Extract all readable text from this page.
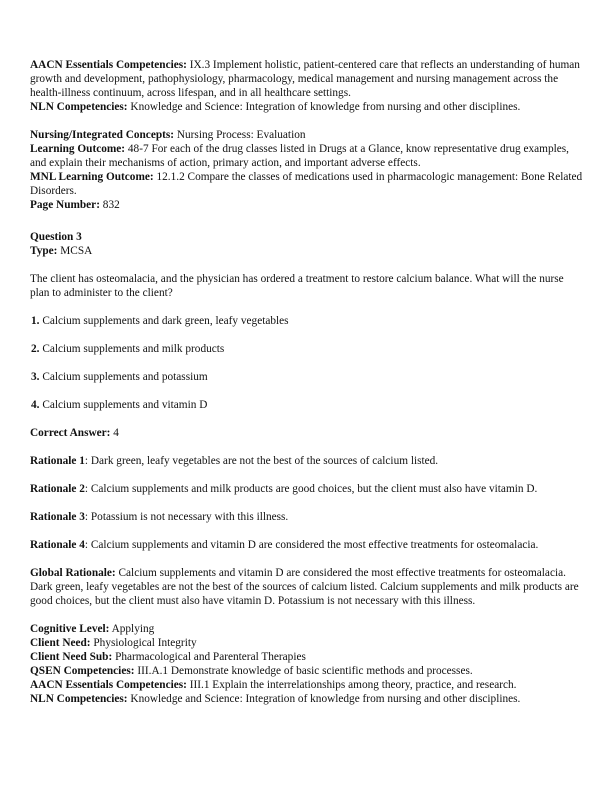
AACN Essentials Competencies: IX.3 Implement holistic, patient-centered care that reflects an understanding of human growth and development, pathophysiology, pharmacology, medical management and nursing management across the health-illness continuum, across lifespan, and in all healthcare settings.

NLN Competencies: Knowledge and Science: Integration of knowledge from nursing and other disciplines.

Nursing/Integrated Concepts: Nursing Process: Evaluation

Learning Outcome: 48-7 For each of the drug classes listed in Drugs at a Glance, know representative drug examples, and explain their mechanisms of action, primary action, and important adverse effects.

MNL Learning Outcome: 12.1.2 Compare the classes of medications used in pharmacologic management: Bone Related Disorders.

Page Number: 832

Question 3

Type: MCSA

The client has osteomalacia, and the physician has ordered a treatment to restore calcium balance. What will the nurse plan to administer to the client?

1. Calcium supplements and dark green, leafy vegetables

2. Calcium supplements and milk products

3. Calcium supplements and potassium

4. Calcium supplements and vitamin D

Correct Answer: 4

Rationale 1: Dark green, leafy vegetables are not the best of the sources of calcium listed.

Rationale 2: Calcium supplements and milk products are good choices, but the client must also have vitamin D.

Rationale 3: Potassium is not necessary with this illness.

Rationale 4: Calcium supplements and vitamin D are considered the most effective treatments for osteomalacia.

Global Rationale: Calcium supplements and vitamin D are considered the most effective treatments for osteomalacia. Dark green, leafy vegetables are not the best of the sources of calcium listed. Calcium supplements and milk products are good choices, but the client must also have vitamin D. Potassium is not necessary with this illness.

Cognitive Level: Applying

Client Need: Physiological Integrity

Client Need Sub: Pharmacological and Parenteral Therapies

QSEN Competencies: III.A.1 Demonstrate knowledge of basic scientific methods and processes.

AACN Essentials Competencies: III.1 Explain the interrelationships among theory, practice, and research.

NLN Competencies: Knowledge and Science: Integration of knowledge from nursing and other disciplines.
